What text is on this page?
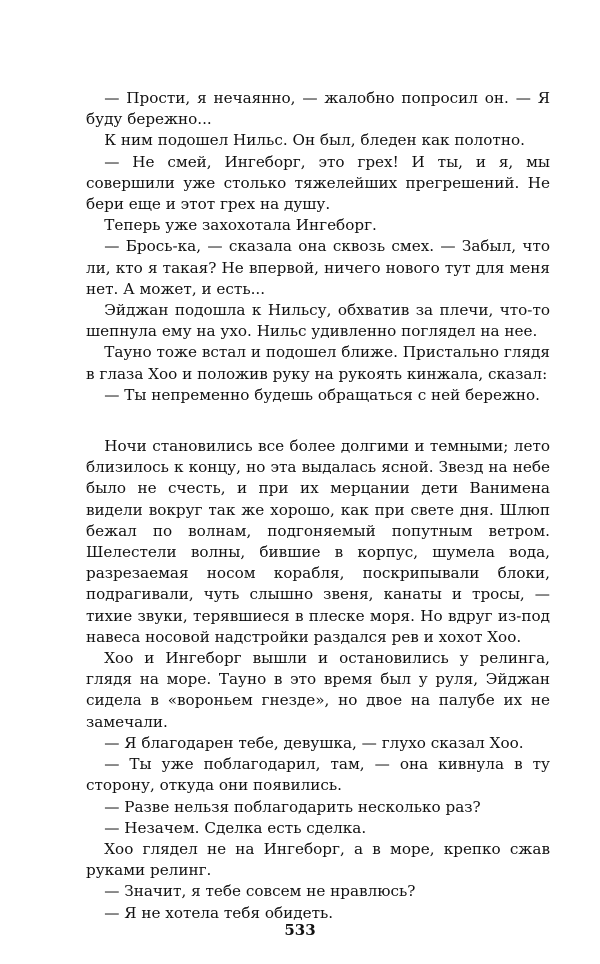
— Прости, я нечаянно, — жалобно попросил он. — Я буду бережно...

К ним подошел Нильс. Он был, бледен как полотно.

— Не смей, Ингеборг, это грех! И ты, и я, мы совершили уже столько тяжелейших прегрешений. Не бери еще и этот грех на душу.

Теперь уже захохотала Ингеборг.

— Брось-ка, — сказала она сквозь смех. — Забыл, что ли, кто я такая? Не впервой, ничего нового тут для меня нет. А может, и есть...

Эйджан подошла к Нильсу, обхватив за плечи, что-то шепнула ему на ухо. Нильс удивленно поглядел на нее.

Тауно тоже встал и подошел ближе. Пристально глядя в глаза Хоо и положив руку на рукоять кинжала, сказал:

— Ты непременно будешь обращаться с ней бережно.

Ночи становились все более долгими и темными; лето близилось к концу, но эта выдалась ясной. Звезд на небе было не счесть, и при их мерцании дети Ванимена видели вокруг так же хорошо, как при свете дня. Шлюп бежал по волнам, подгоняемый попутным ветром. Шелестели волны, бившие в корпус, шумела вода, разрезаемая носом корабля, поскрипывали блоки, подрагивали, чуть слышно звеня, канаты и тросы, — тихие звуки, терявшиеся в плеске моря. Но вдруг из-под навеса носовой надстройки раздался рев и хохот Хоо.

Хоо и Ингеборг вышли и остановились у релинга, глядя на море. Тауно в это время был у руля, Эйджан сидела в «вороньем гнезде», но двое на палубе их не замечали.

— Я благодарен тебе, девушка, — глухо сказал Хоо.

— Ты уже поблагодарил, там, — она кивнула в ту сторону, откуда они появились.

— Разве нельзя поблагодарить несколько раз?

— Незачем. Сделка есть сделка.

Хоо глядел не на Ингеборг, а в море, крепко сжав руками релинг.

— Значит, я тебе совсем не нравлюсь?

— Я не хотела тебя обидеть.

533
